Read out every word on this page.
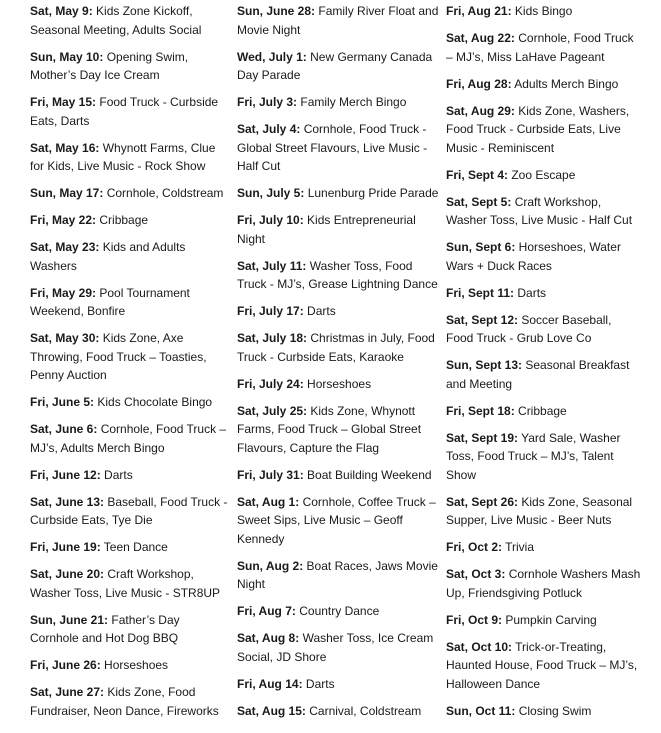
Sat, May 9: Kids Zone Kickoff, Seasonal Meeting, Adults Social
Sun, May 10: Opening Swim, Mother’s Day Ice Cream
Fri, May 15: Food Truck - Curbside Eats, Darts
Sat, May 16: Whynott Farms, Clue for Kids, Live Music - Rock Show
Sun, May 17: Cornhole, Coldstream
Fri, May 22: Cribbage
Sat, May 23: Kids and Adults Washers
Fri, May 29: Pool Tournament Weekend, Bonfire
Sat, May 30: Kids Zone, Axe Throwing, Food Truck – Toasties, Penny Auction
Fri, June 5: Kids Chocolate Bingo
Sat, June 6: Cornhole, Food Truck – MJ’s, Adults Merch Bingo
Fri, June 12: Darts
Sat, June 13: Baseball, Food Truck - Curbside Eats, Tye Die
Fri, June 19: Teen Dance
Sat, June 20: Craft Workshop, Washer Toss, Live Music - STR8UP
Sun, June 21: Father’s Day Cornhole and Hot Dog BBQ
Fri, June 26: Horseshoes
Sat, June 27: Kids Zone, Food Fundraiser, Neon Dance, Fireworks
Sun, June 28: Family River Float and Movie Night
Wed, July 1: New Germany Canada Day Parade
Fri, July 3: Family Merch Bingo
Sat, July 4: Cornhole, Food Truck - Global Street Flavours, Live Music - Half Cut
Sun, July 5: Lunenburg Pride Parade
Fri, July 10: Kids Entrepreneurial Night
Sat, July 11: Washer Toss, Food Truck - MJ’s, Grease Lightning Dance
Fri, July 17: Darts
Sat, July 18: Christmas in July, Food Truck - Curbside Eats, Karaoke
Fri, July 24: Horseshoes
Sat, July 25: Kids Zone, Whynott Farms, Food Truck – Global Street Flavours, Capture the Flag
Fri, July 31: Boat Building Weekend
Sat, Aug 1: Cornhole, Coffee Truck – Sweet Sips, Live Music – Geoff Kennedy
Sun, Aug 2: Boat Races, Jaws Movie Night
Fri, Aug 7: Country Dance
Sat, Aug 8: Washer Toss, Ice Cream Social, JD Shore
Fri, Aug 14: Darts
Sat, Aug 15: Carnival, Coldstream
Fri, Aug 21: Kids Bingo
Sat, Aug 22: Cornhole, Food Truck – MJ’s, Miss LaHave Pageant
Fri, Aug 28: Adults Merch Bingo
Sat, Aug 29: Kids Zone, Washers, Food Truck - Curbside Eats, Live Music - Reminiscent
Fri, Sept 4: Zoo Escape
Sat, Sept 5: Craft Workshop, Washer Toss, Live Music - Half Cut
Sun, Sept 6: Horseshoes, Water Wars + Duck Races
Fri, Sept 11: Darts
Sat, Sept 12: Soccer Baseball, Food Truck - Grub Love Co
Sun, Sept 13: Seasonal Breakfast and Meeting
Fri, Sept 18: Cribbage
Sat, Sept 19: Yard Sale, Washer Toss, Food Truck – MJ’s, Talent Show
Sat, Sept 26: Kids Zone, Seasonal Supper, Live Music - Beer Nuts
Fri, Oct 2: Trivia
Sat, Oct 3: Cornhole Washers Mash Up, Friendsgiving Potluck
Fri, Oct 9: Pumpkin Carving
Sat, Oct 10: Trick-or-Treating, Haunted House, Food Truck – MJ’s, Halloween Dance
Sun, Oct 11: Closing Swim
